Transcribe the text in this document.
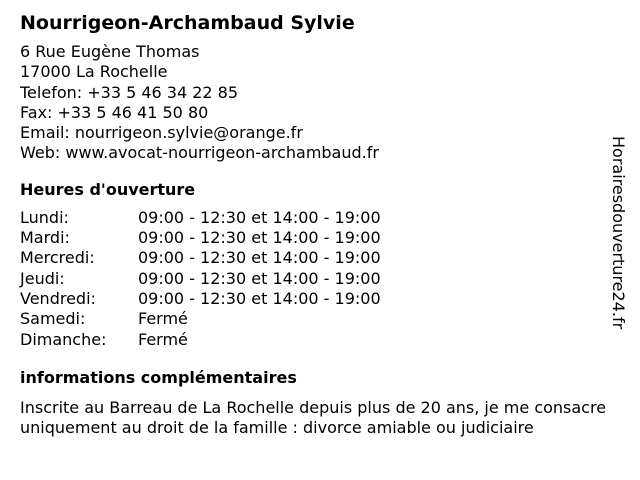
Nourrigeon-Archambaud Sylvie
6 Rue Eugène Thomas
17000 La Rochelle
Telefon: +33 5 46 34 22 85
Fax: +33 5 46 41 50 80
Email: nourrigeon.sylvie@orange.fr
Web: www.avocat-nourrigeon-archambaud.fr
Heures d'ouverture
Lundi:	09:00 - 12:30 et 14:00 - 19:00
Mardi:	09:00 - 12:30 et 14:00 - 19:00
Mercredi:	09:00 - 12:30 et 14:00 - 19:00
Jeudi:	09:00 - 12:30 et 14:00 - 19:00
Vendredi:	09:00 - 12:30 et 14:00 - 19:00
Samedi:	Fermé
Dimanche:	Fermé
informations complémentaires
Inscrite au Barreau de La Rochelle depuis plus de 20 ans, je me consacre uniquement au droit de la famille : divorce amiable ou judiciaire
Horairesdouverture24.fr
